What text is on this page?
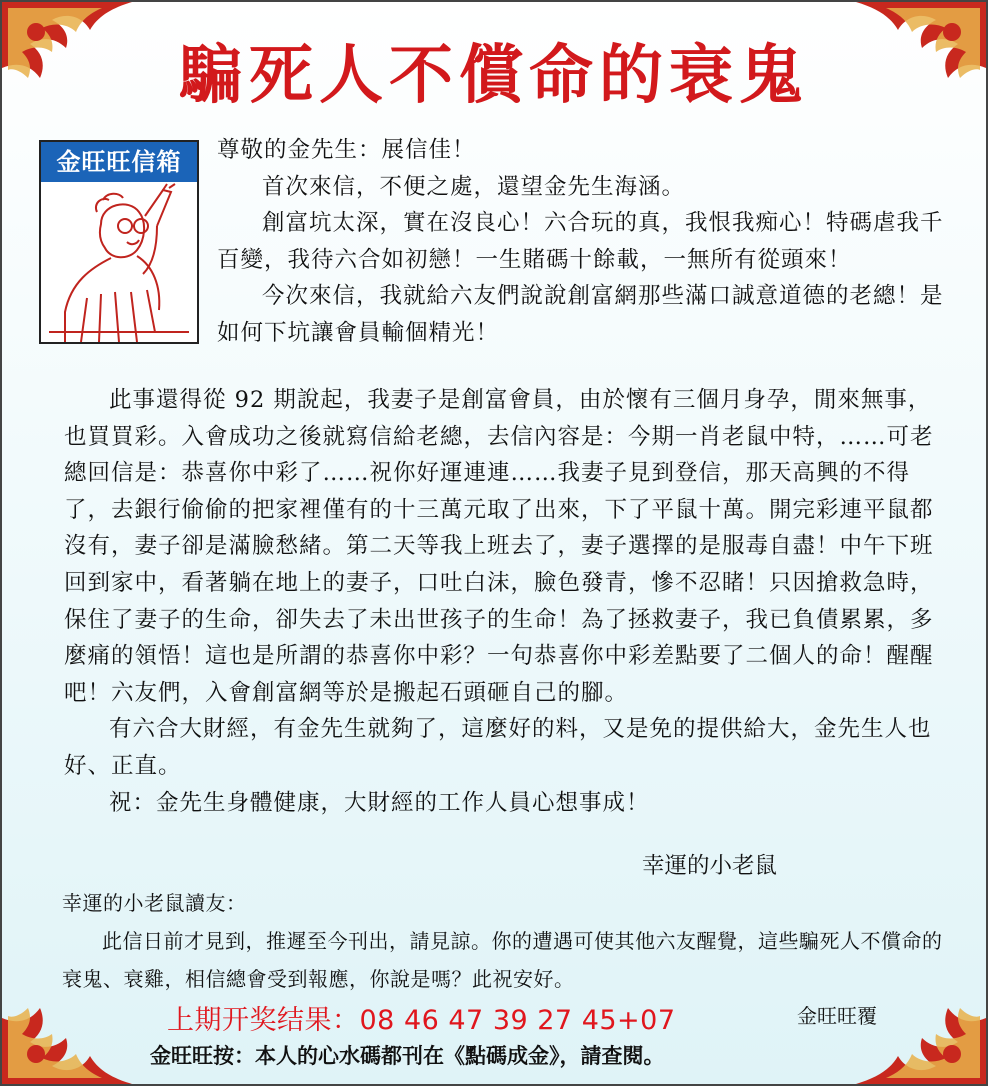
騙死人不償命的衰鬼
金旺旺信箱	尊敬的金先生：展信佳！

首次來信，不便之處，還望金先生海涵。

創富坑太深，實在沒良心！六合玩的真，我恨我痴心！特碼虐我千百變，我待六合如初戀！一生賭碼十餘載，一無所有從頭來！

今次來信，我就給六友們說說創富網那些滿口誠意道德的老總！是如何下坑讓會員輸個精光！

此事還得從 92 期說起，我妻子是創富會員，由於懷有三個月身孕，閒來無事，也買買彩。入會成功之後就寫信給老總，去信內容是：今期一肖老鼠中特，……可老總回信是：恭喜你中彩了……祝你好運連連……我妻子見到登信，那天高興的不得了，去銀行偷偷的把家裡僅有的十三萬元取了出來，下了平鼠十萬。開完彩連平鼠都沒有，妻子卻是滿臉愁緒。第二天等我上班去了，妻子選擇的是服毒自盡！中午下班回到家中，看著躺在地上的妻子，口吐白沫，臉色發青，慘不忍睹！只因搶救急時，保住了妻子的生命，卻失去了未出世孩子的生命！為了拯救妻子，我已負債累累，多麼痛的領悟！這也是所謂的恭喜你中彩？一句恭喜你中彩差點要了二個人的命！醒醒吧！六友們，入會創富網等於是搬起石頭砸自己的腳。

有六合大財經，有金先生就夠了，這麼好的料，又是免的提供給大，金先生人也好、正直。

祝：金先生身體健康，大財經的工作人員心想事成！

幸運的小老鼠

幸運的小老鼠讀友：

此信日前才見到，推遲至今刊出，請見諒。你的遭遇可使其他六友醒覺，這些騙死人不償命的衰鬼、衰雞，相信總會受到報應，你說是嗎？此祝安好。

上期开奖结果：08 46 47 39 27 45+07	金旺旺覆
金旺旺按：本人的心水碼都刊在《點碼成金》，請查閱。
